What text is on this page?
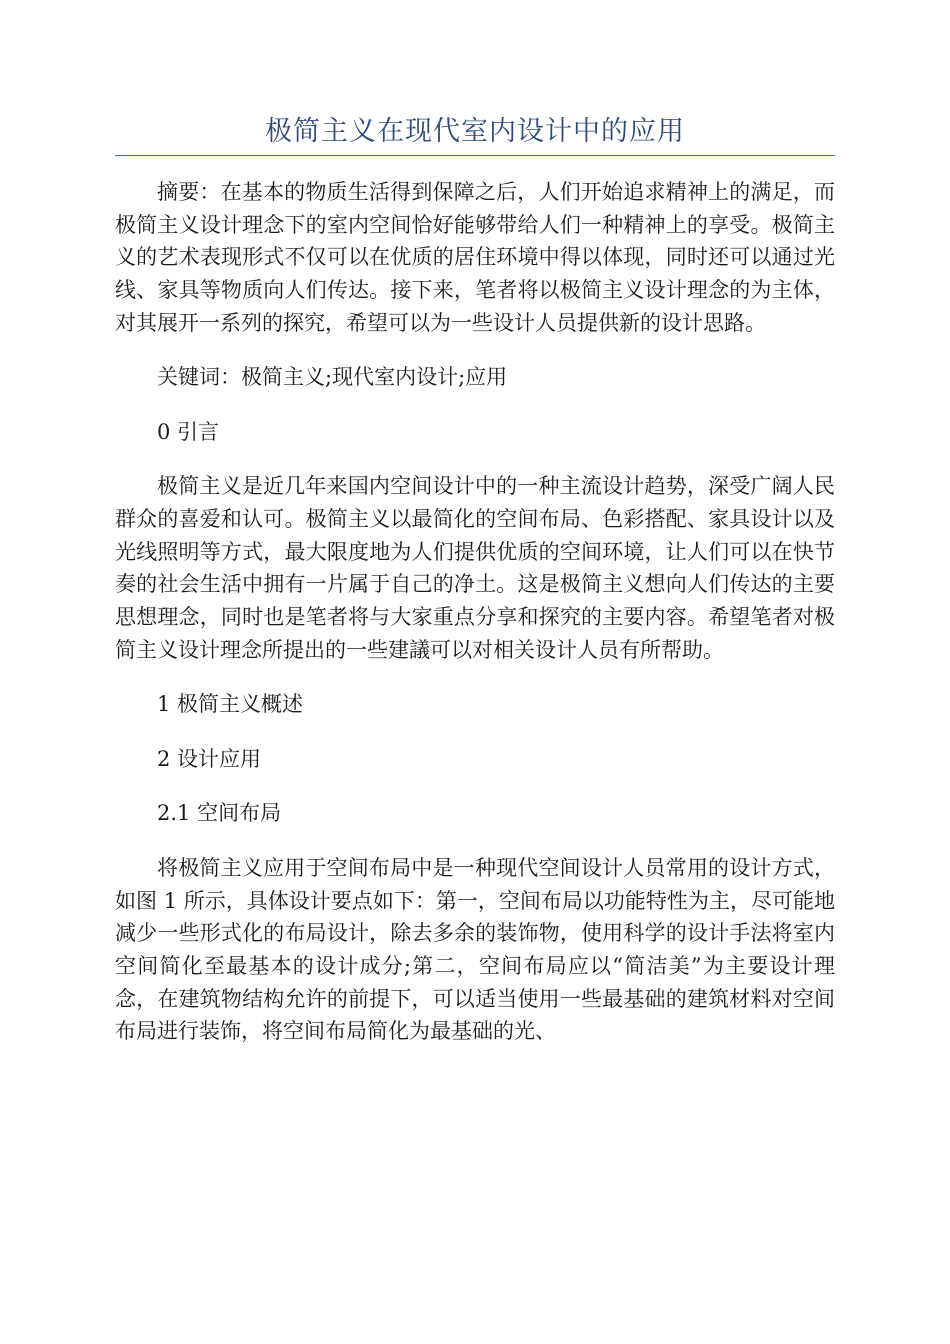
极简主义在现代室内设计中的应用

摘要：在基本的物质生活得到保障之后，人们开始追求精神上的满足，而极简主义设计理念下的室内空间恰好能够带给人们一种精神上的享受。极简主义的艺术表现形式不仅可以在优质的居住环境中得以体现，同时还可以通过光线、家具等物质向人们传达。接下来，笔者将以极简主义设计理念的为主体，对其展开一系列的探究，希望可以为一些设计人员提供新的设计思路。

关键词：极简主义;现代室内设计;应用

0 引言

极简主义是近几年来国内空间设计中的一种主流设计趋势，深受广阔人民群众的喜爱和认可。极简主义以最简化的空间布局、色彩搭配、家具设计以及光线照明等方式，最大限度地为人们提供优质的空间环境，让人们可以在快节奏的社会生活中拥有一片属于自己的净土。这是极简主义想向人们传达的主要思想理念，同时也是笔者将与大家重点分享和探究的主要内容。希望笔者对极简主义设计理念所提出的一些建議可以对相关设计人员有所帮助。

1 极简主义概述

2 设计应用

2.1 空间布局

将极简主义应用于空间布局中是一种现代空间设计人员常用的设计方式，如图 1 所示，具体设计要点如下：第一，空间布局以功能特性为主，尽可能地减少一些形式化的布局设计，除去多余的装饰物，使用科学的设计手法将室内空间简化至最基本的设计成分;第二，空间布局应以“简洁美”为主要设计理念，在建筑物结构允许的前提下，可以适当使用一些最基础的建筑材料对空间布局进行装饰，将空间布局简化为最基础的光、
